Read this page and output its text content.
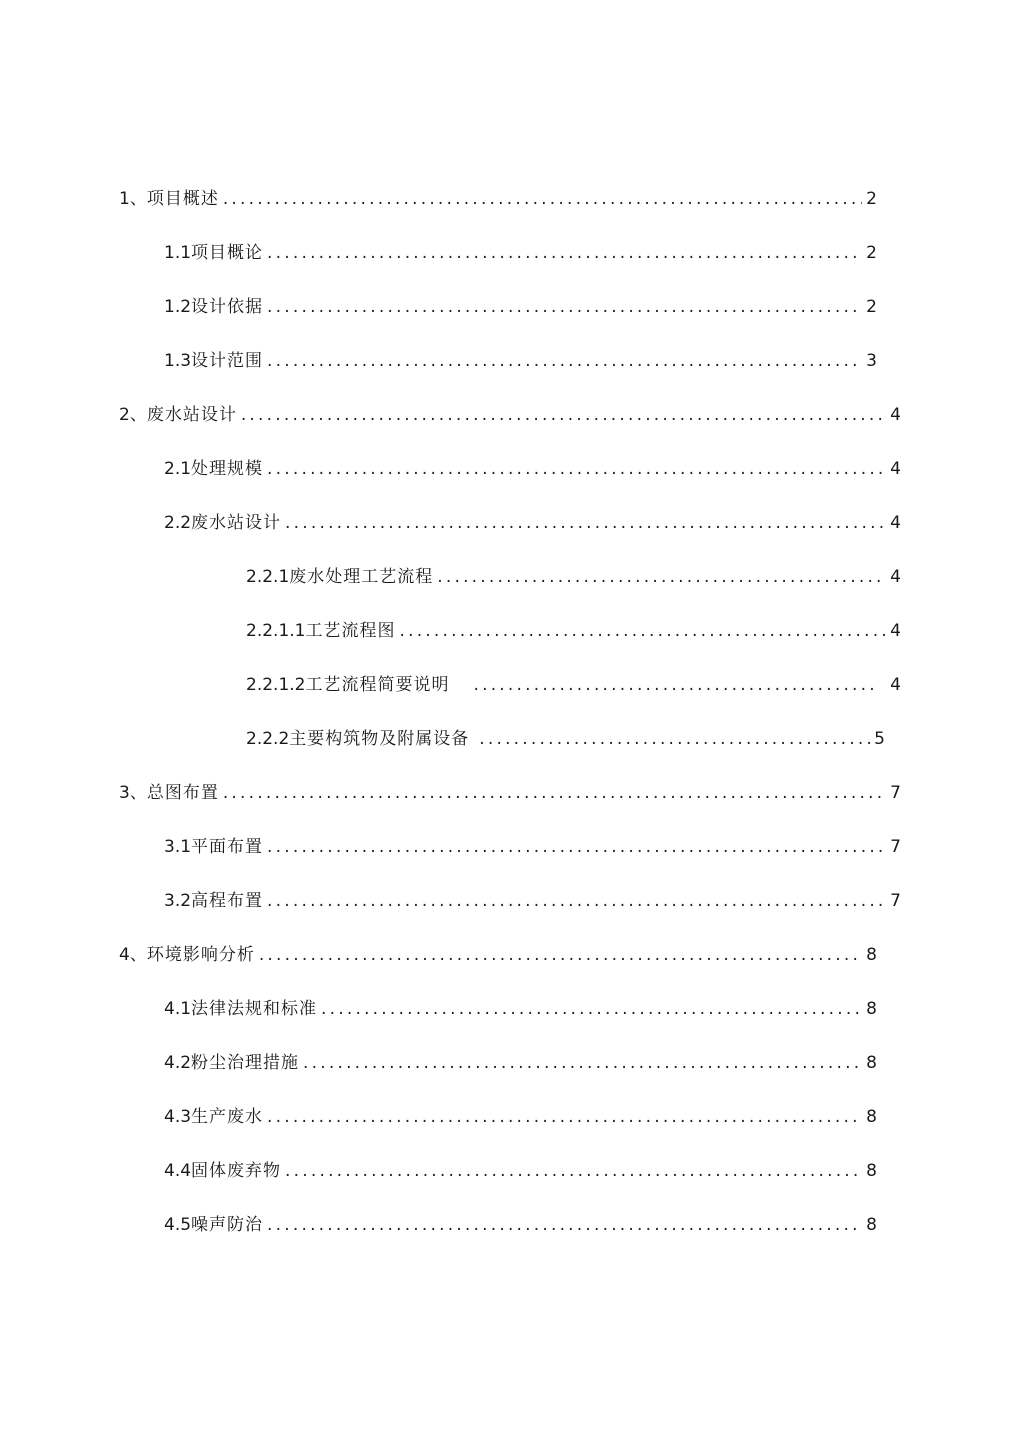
1、 项目概述 .....	2
1.1 项目概论 .....	2
1.2 设计依据 .....	2
1.3 设计范围 .....	3
2、 废水站设计 .....	4
2.1 处理规模 .....	4
2.2 废水站设计 .....	4
2.2.1 废水处理工艺流程 .....	4
2.2.1.1 工艺流程图 .....	4
2.2.1.2 工艺流程简要说明 .....	4
2.2.2 主要构筑物及附属设备 .....	5
3、 总图布置 .....	7
3.1 平面布置 .....	7
3.2 高程布置 .....	7
4、 环境影响分析 .....	8
4.1 法律法规和标准 .....	8
4.2 粉尘治理措施 .....	8
4.3 生产废水 .....	8
4.4 固体废弃物 .....	8
4.5 噪声防治 .....	8
